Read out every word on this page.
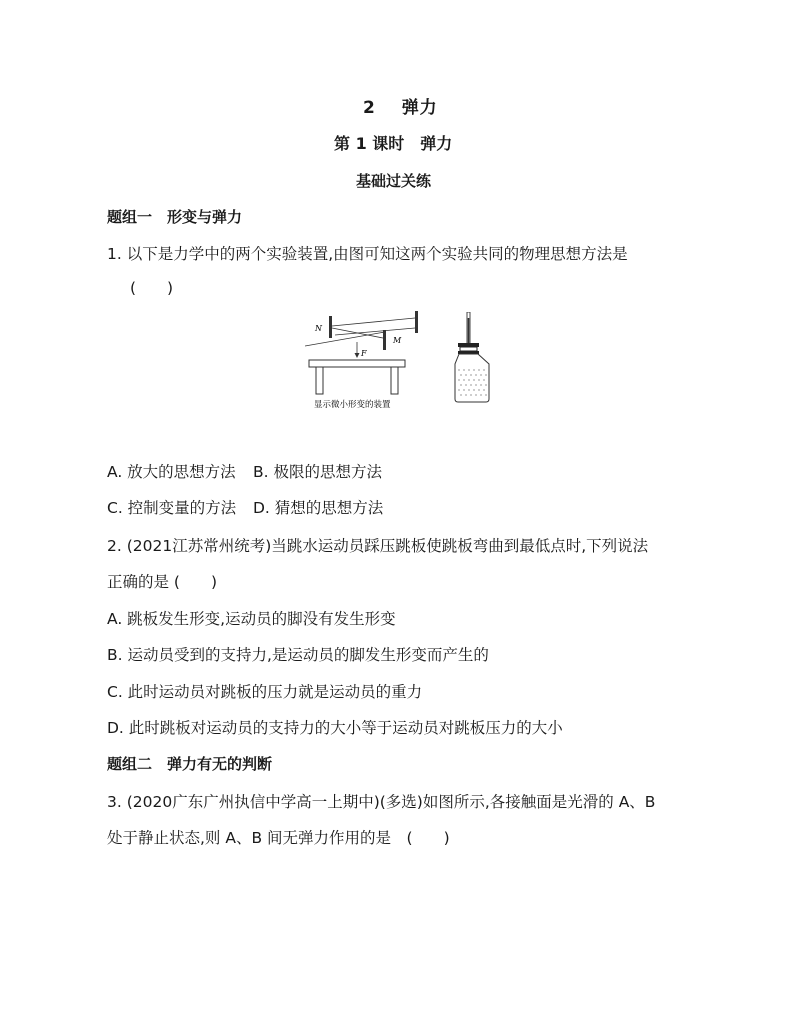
2 弹力
第 1 课时　弹力
基础过关练
题组一　形变与弹力
1. 以下是力学中的两个实验装置,由图可知这两个实验共同的物理思想方法是
(　　)
N
M
F
显示微小形变的装置
A. 放大的思想方法 B. 极限的思想方法
C. 控制变量的方法 D. 猜想的思想方法
2. (2021江苏常州统考)当跳水运动员踩压跳板使跳板弯曲到最低点时,下列说法
正确的是 (　　)
A. 跳板发生形变,运动员的脚没有发生形变
B. 运动员受到的支持力,是运动员的脚发生形变而产生的
C. 此时运动员对跳板的压力就是运动员的重力
D. 此时跳板对运动员的支持力的大小等于运动员对跳板压力的大小
题组二　弹力有无的判断
3. (2020广东广州执信中学高一上期中)(多选)如图所示,各接触面是光滑的 A、B
处于静止状态,则 A、B 间无弹力作用的是　(　　)
